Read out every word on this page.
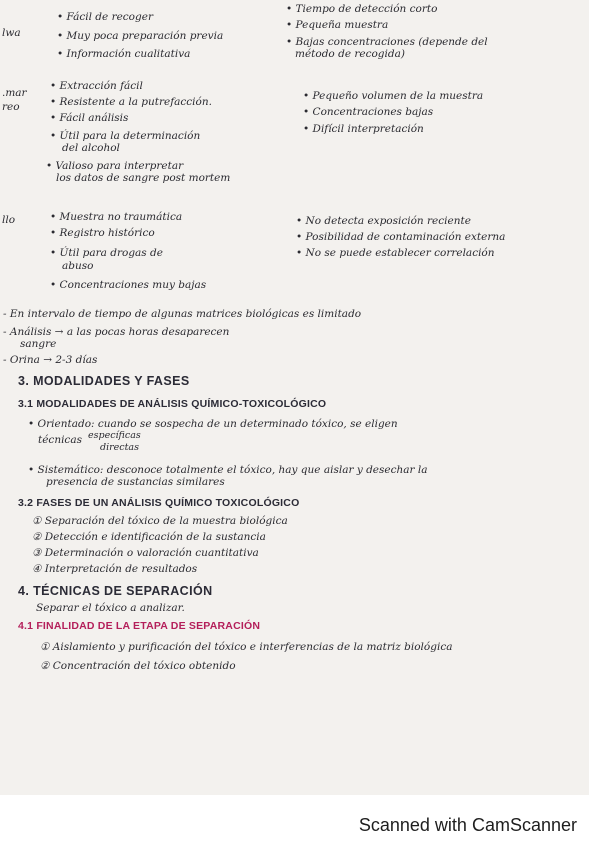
lwa
• Fácil de recoger
• Muy poca preparación previa
• Información cualitativa
• Tiempo de detección corto
• Pequeña muestra
• Bajas concentraciones (depende del
método de recogida)
.mar
reo
• Extracción fácil
• Resistente a la putrefacción.
• Fácil análisis
• Útil para la determinación
del alcohol
• Valioso para interpretar
los datos de sangre post mortem
• Pequeño volumen de la muestra
• Concentraciones bajas
• Difícil interpretación
llo	• Muestra no traumática
• Registro histórico
• Útil para drogas de
abuso
• Concentraciones muy bajas
• No detecta exposición reciente
• Posibilidad de contaminación externa
• No se puede establecer correlación
- En intervalo de tiempo de algunas matrices biológicas es limitado
- Análisis → a las pocas horas desaparecen
sangre
- Orina → 2-3 días
3. MODALIDADES Y FASES
3.1 MODALIDADES DE ANÁLISIS QUÍMICO-TOXICOLÓGICO
• Orientado: cuando se sospecha de un determinado tóxico, se eligen
técnicas específicas
directas
• Sistemático: desconoce totalmente el tóxico, hay que aislar y desechar la
presencia de sustancias similares
3.2 FASES DE UN ANÁLISIS QUÍMICO TOXICOLÓGICO
① Separación del tóxico de la muestra biológica
② Detección e identificación de la sustancia
③ Determinación o valoración cuantitativa
④ Interpretación de resultados
4. TÉCNICAS DE SEPARACIÓN
Separar el tóxico a analizar.
4.1 FINALIDAD DE LA ETAPA DE SEPARACIÓN
① Aislamiento y purificación del tóxico e interferencias de la matriz biológica
② Concentración del tóxico obtenido
Scanned with CamScanner
